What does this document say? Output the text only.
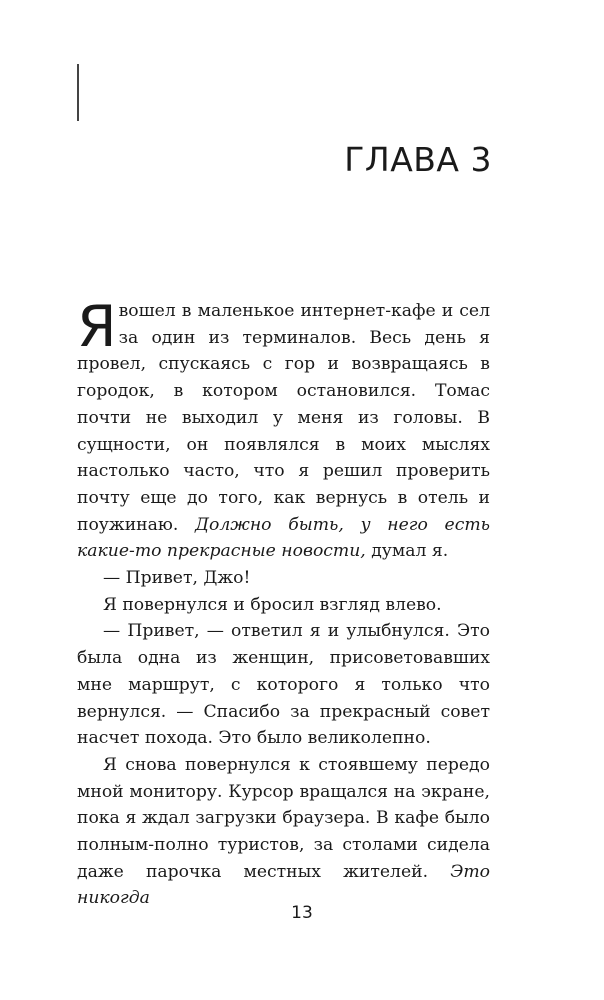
ГЛАВА 3

Явошел в маленькое интернет-кафе и сел за один из терминалов. Весь день я провел, спускаясь с гор и возвращаясь в городок, в котором остановился. Томас почти не выходил у меня из головы. В сущности, он появлялся в моих мыслях настолько часто, что я решил проверить почту еще до того, как вернусь в отель и поужинаю. Должно быть, у него есть какие-то прекрасные новости, думал я.

— Привет, Джо!

Я повернулся и бросил взгляд влево.

— Привет, — ответил я и улыбнулся. Это была одна из женщин, присоветовавших мне маршрут, с которого я только что вернулся. — Спасибо за прекрасный совет насчет похода. Это было великолепно.

Я снова повернулся к стоявшему передо мной монитору. Курсор вращался на экране, пока я ждал загрузки браузера. В кафе было полным-полно туристов, за столами сидела даже парочка местных жителей. Это никогда

13
